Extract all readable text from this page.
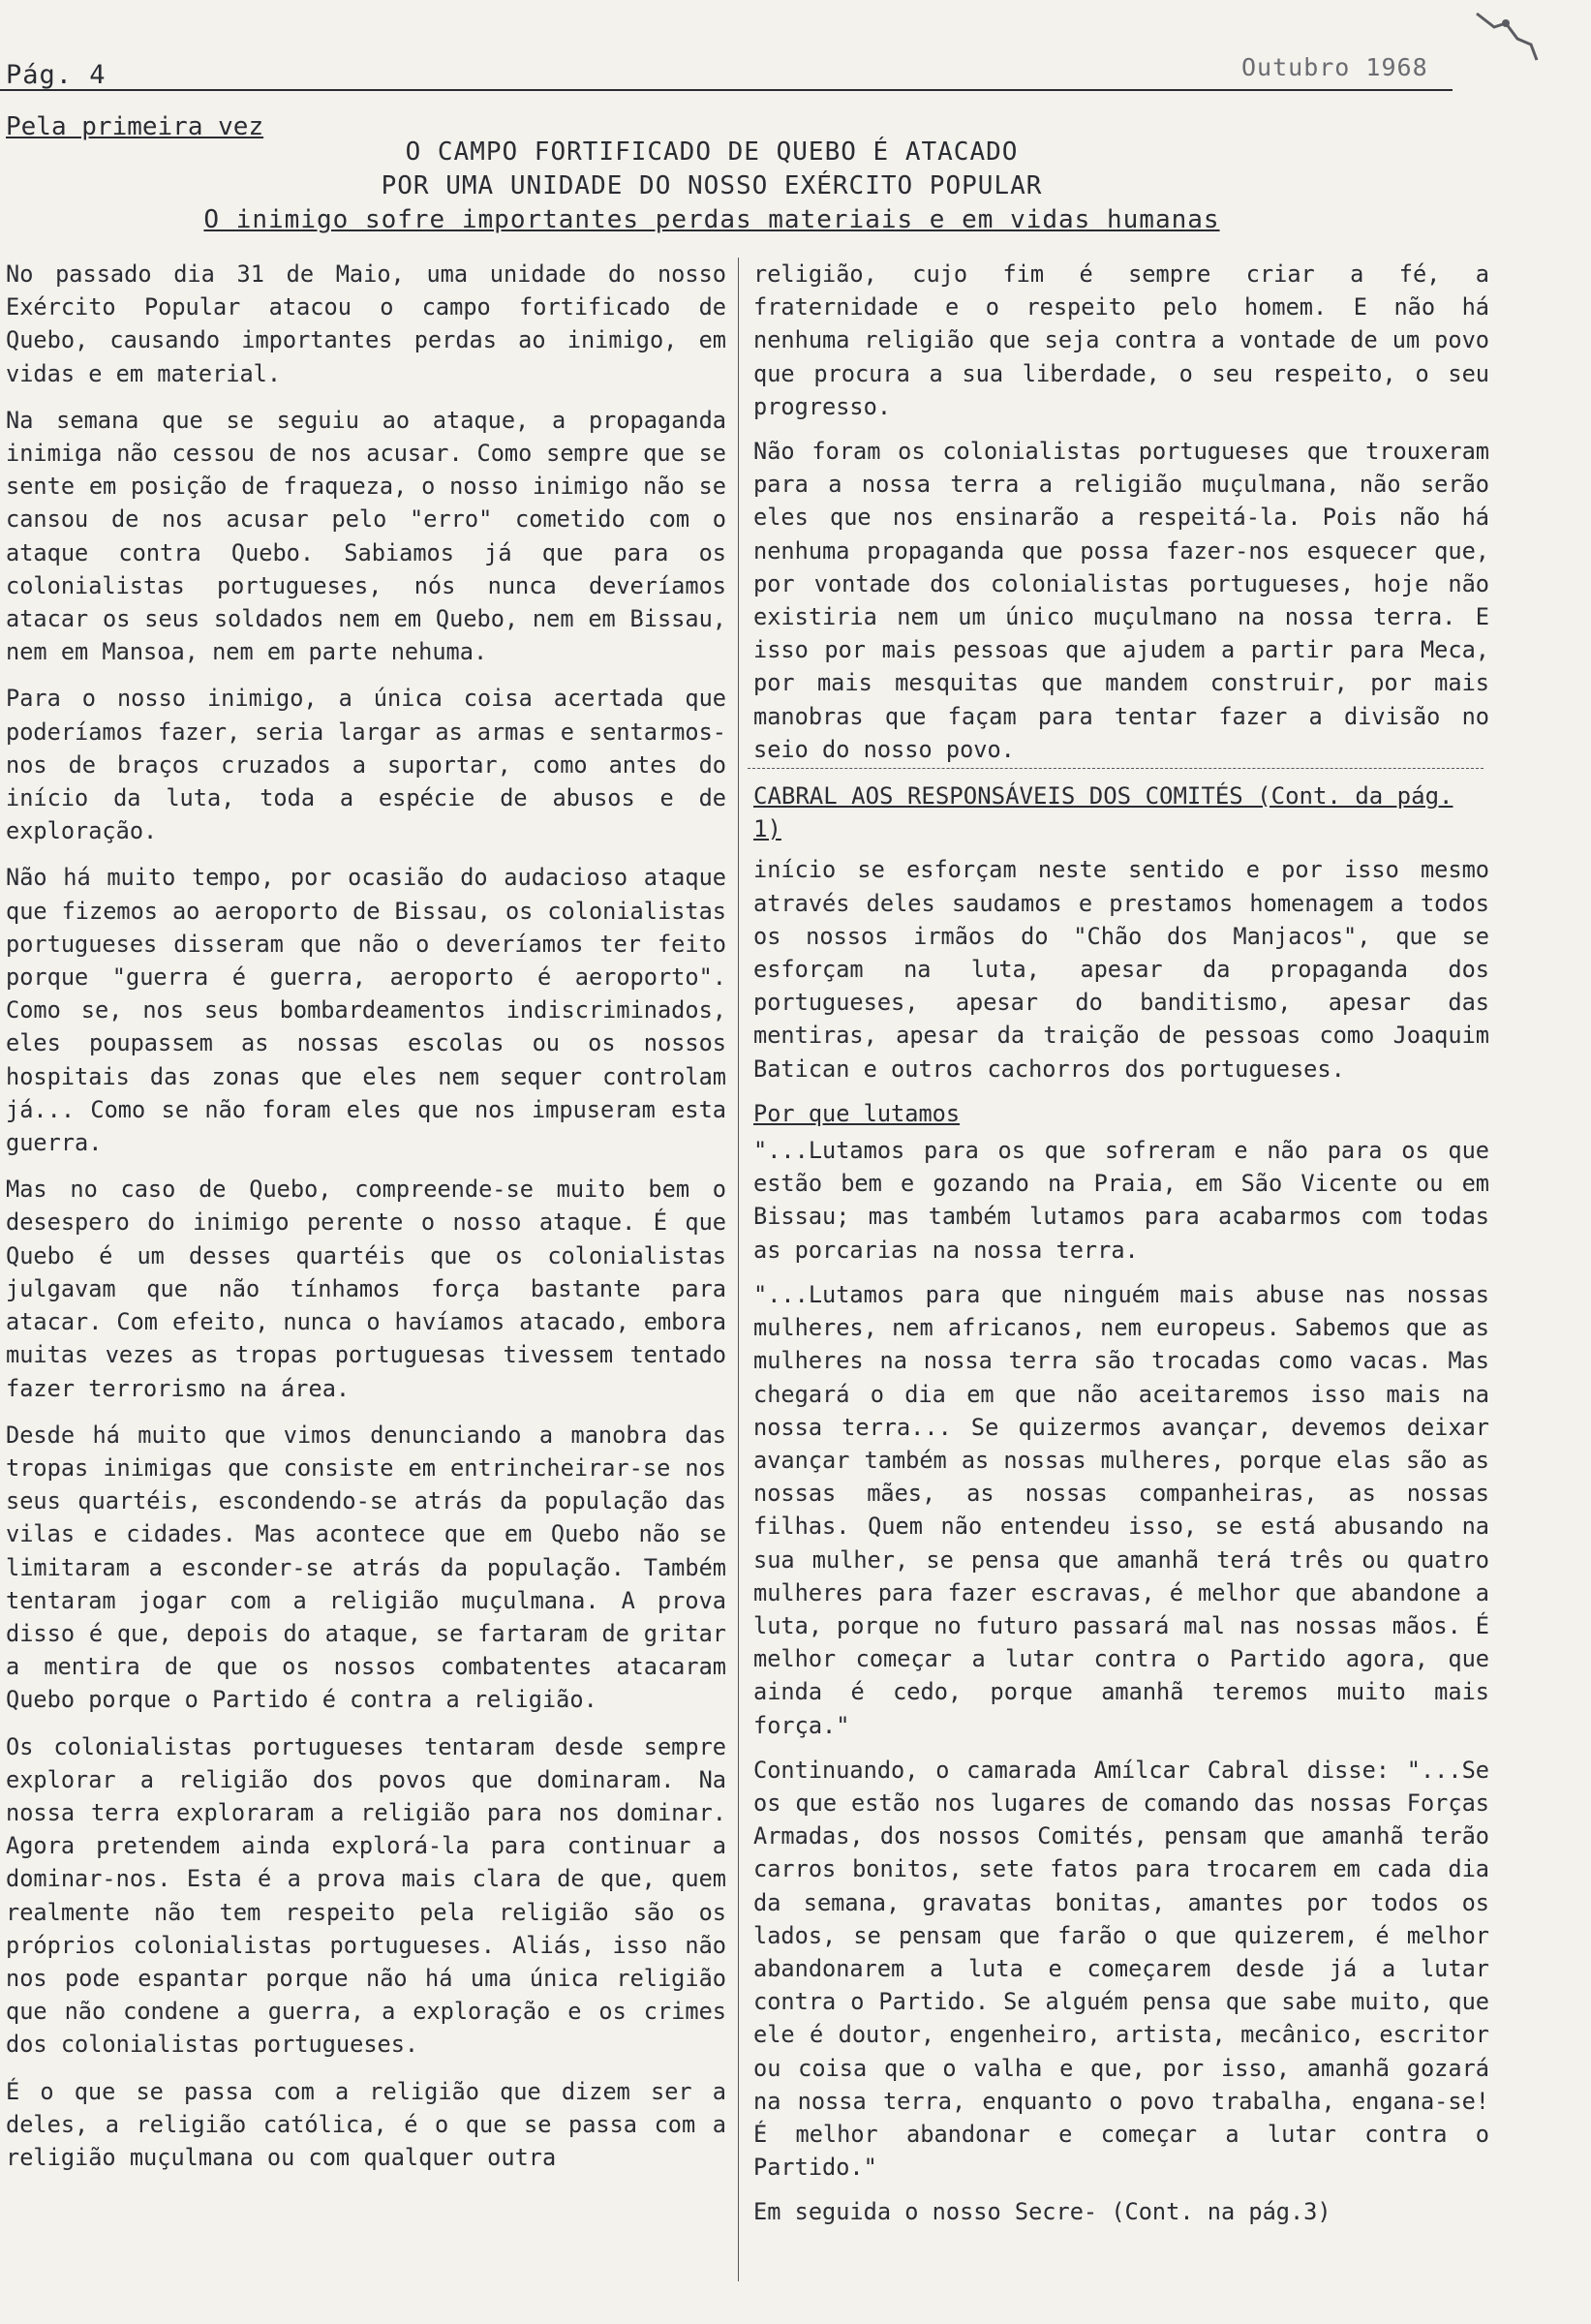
Pág. 4	Outubro 1968
Pela primeira vez
O CAMPO FORTIFICADO DE QUEBO É ATACADO
POR UMA UNIDADE DO NOSSO EXÉRCITO POPULAR
O inimigo sofre importantes perdas materiais e em vidas humanas

No passado dia 31 de Maio, uma unidade do nosso Exército Popular atacou o campo fortificado de Quebo, causando importantes perdas ao inimigo, em vidas e em material.

Na semana que se seguiu ao ataque, a propaganda inimiga não cessou de nos acusar. Como sempre que se sente em posição de fraqueza, o nosso inimigo não se cansou de nos acusar pelo "erro" cometido com o ataque contra Quebo. Sabiamos já que para os colonialistas portugueses, nós nunca deveríamos atacar os seus soldados nem em Quebo, nem em Bissau, nem em Mansoa, nem em parte nehuma.

Para o nosso inimigo, a única coisa acertada que poderíamos fazer, seria largar as armas e sentarmos-nos de braços cruzados a suportar, como antes do início da luta, toda a espécie de abusos e de exploração.

Não há muito tempo, por ocasião do audacioso ataque que fizemos ao aeroporto de Bissau, os colonialistas portugueses disseram que não o deveríamos ter feito porque "guerra é guerra, aeroporto é aeroporto". Como se, nos seus bombardeamentos indiscriminados, eles poupassem as nossas escolas ou os nossos hospitais das zonas que eles nem sequer controlam já... Como se não foram eles que nos impuseram esta guerra.

Mas no caso de Quebo, compreende-se muito bem o desespero do inimigo perente o nosso ataque. É que Quebo é um desses quartéis que os colonialistas julgavam que não tínhamos força bastante para atacar. Com efeito, nunca o havíamos atacado, embora muitas vezes as tropas portuguesas tivessem tentado fazer terrorismo na área.

Desde há muito que vimos denunciando a manobra das tropas inimigas que consiste em entrincheirar-se nos seus quartéis, escondendo-se atrás da população das vilas e cidades. Mas acontece que em Quebo não se limitaram a esconder-se atrás da população. Também tentaram jogar com a religião muçulmana. A prova disso é que, depois do ataque, se fartaram de gritar a mentira de que os nossos combatentes atacaram Quebo porque o Partido é contra a religião.

Os colonialistas portugueses tentaram desde sempre explorar a religião dos povos que dominaram. Na nossa terra exploraram a religião para nos dominar. Agora pretendem ainda explorá-la para continuar a dominar-nos. Esta é a prova mais clara de que, quem realmente não tem respeito pela religião são os próprios colonialistas portugueses. Aliás, isso não nos pode espantar porque não há uma única religião que não condene a guerra, a exploração e os crimes dos colonialistas portugueses.

É o que se passa com a religião que dizem ser a deles, a religião católica, é o que se passa com a religião muçulmana ou com qualquer outra

religião, cujo fim é sempre criar a fé, a fraternidade e o respeito pelo homem. E não há nenhuma religião que seja contra a vontade de um povo que procura a sua liberdade, o seu respeito, o seu progresso.

Não foram os colonialistas portugueses que trouxeram para a nossa terra a religião muçulmana, não serão eles que nos ensinarão a respeitá-la. Pois não há nenhuma propaganda que possa fazer-nos esquecer que, por vontade dos colonialistas portugueses, hoje não existiria nem um único muçulmano na nossa terra. E isso por mais pessoas que ajudem a partir para Meca, por mais mesquitas que mandem construir, por mais manobras que façam para tentar fazer a divisão no seio do nosso povo.

CABRAL AOS RESPONSÁVEIS DOS COMITÉS (Cont. da pág. 1)

início se esforçam neste sentido e por isso mesmo através deles saudamos e prestamos homenagem a todos os nossos irmãos do "Chão dos Manjacos", que se esforçam na luta, apesar da propaganda dos portugueses, apesar do banditismo, apesar das mentiras, apesar da traição de pessoas como Joaquim Batican e outros cachorros dos portugueses.

Por que lutamos

"...Lutamos para os que sofreram e não para os que estão bem e gozando na Praia, em São Vicente ou em Bissau; mas também lutamos para acabarmos com todas as porcarias na nossa terra.

"...Lutamos para que ninguém mais abuse nas nossas mulheres, nem africanos, nem europeus. Sabemos que as mulheres na nossa terra são trocadas como vacas. Mas chegará o dia em que não aceitaremos isso mais na nossa terra... Se quizermos avançar, devemos deixar avançar também as nossas mulheres, porque elas são as nossas mães, as nossas companheiras, as nossas filhas. Quem não entendeu isso, se está abusando na sua mulher, se pensa que amanhã terá três ou quatro mulheres para fazer escravas, é melhor que abandone a luta, porque no futuro passará mal nas nossas mãos. É melhor começar a lutar contra o Partido agora, que ainda é cedo, porque amanhã teremos muito mais força."

Continuando, o camarada Amílcar Cabral disse: "...Se os que estão nos lugares de comando das nossas Forças Armadas, dos nossos Comités, pensam que amanhã terão carros bonitos, sete fatos para trocarem em cada dia da semana, gravatas bonitas, amantes por todos os lados, se pensam que farão o que quizerem, é melhor abandonarem a luta e começarem desde já a lutar contra o Partido. Se alguém pensa que sabe muito, que ele é doutor, engenheiro, artista, mecânico, escritor ou coisa que o valha e que, por isso, amanhã gozará na nossa terra, enquanto o povo trabalha, engana-se! É melhor abandonar e começar a lutar contra o Partido."

Em seguida o nosso Secre- (Cont. na pág.3)
